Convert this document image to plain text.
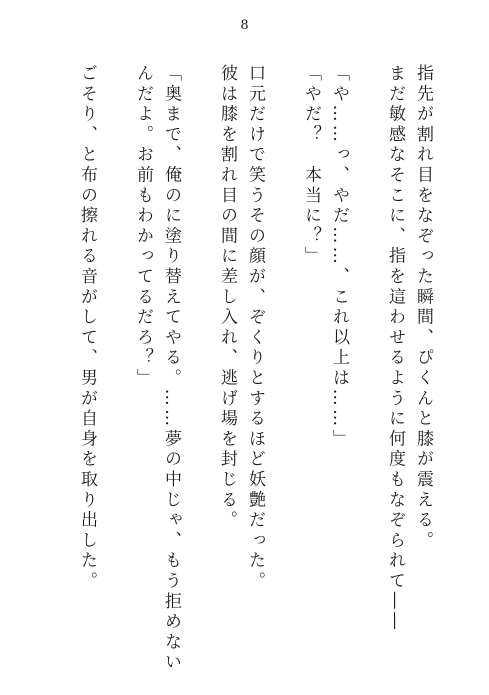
8
指先が割れ目をなぞった瞬間、ぴくんと膝が震える。
まだ敏感なそこに、指を這わせるように何度もなぞられて――
「や……っ、やだ……、これ以上は……」
「やだ？　本当に？」
口元だけで笑うその顔が、ぞくりとするほど妖艶だった。
彼は膝を割れ目の間に差し入れ、逃げ場を封じる。
「奥まで、俺のに塗り替えてやる。……夢の中じゃ、もう拒めない
んだよ。お前もわかってるだろ？」
ごそり、と布の擦れる音がして、男が自身を取り出した。
